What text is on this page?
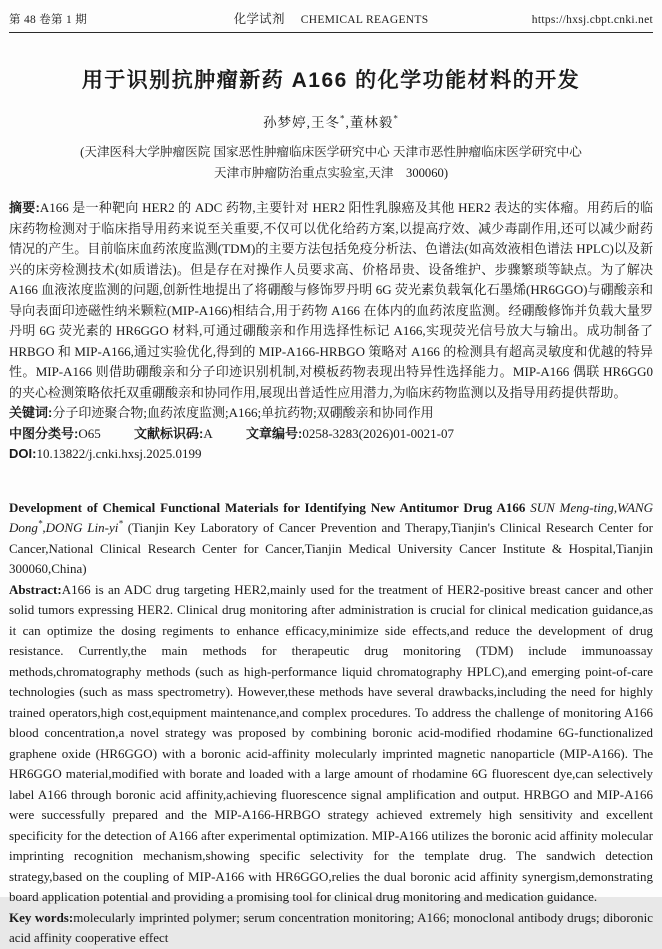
第 48 卷第 1 期	化学试剂 CHEMICAL REAGENTS	https://hxsj.cbpt.cnki.net
用于识别抗肿瘤新药 A166 的化学功能材料的开发
孙梦婷,王冬*,董林毅*
(天津医科大学肿瘤医院 国家恶性肿瘤临床医学研究中心 天津市恶性肿瘤临床医学研究中心
天津市肿瘤防治重点实验室,天津　300060)

摘要:A166 是一种靶向 HER2 的 ADC 药物,主要针对 HER2 阳性乳腺癌及其他 HER2 表达的实体瘤。用药后的临床药物检测对于临床指导用药来说至关重要,不仅可以优化给药方案,以提高疗效、减少毒副作用,还可以减少耐药情况的产生。目前临床血药浓度监测(TDM)的主要方法包括免疫分析法、色谱法(如高效液相色谱法 HPLC)以及新兴的床旁检测技术(如质谱法)。但是存在对操作人员要求高、价格昂贵、设备维护、步骤繁琐等缺点。为了解决 A166 血液浓度监测的问题,创新性地提出了将硼酸与修饰罗丹明 6G 荧光素负载氧化石墨烯(HR6GGO)与硼酸亲和导向表面印迹磁性纳米颗粒(MIP-A166)相结合,用于药物 A166 在体内的血药浓度监测。经硼酸修饰并负载大量罗丹明 6G 荧光素的 HR6GGO 材料,可通过硼酸亲和作用选择性标记 A166,实现荧光信号放大与输出。成功制备了 HRBGO 和 MIP-A166,通过实验优化,得到的 MIP-A166-HRBGO 策略对 A166 的检测具有超高灵敏度和优越的特异性。MIP-A166 则借助硼酸亲和分子印迹识别机制,对模板药物表现出特异性选择能力。MIP-A166 偶联 HR6GG0 的夹心检测策略依托双重硼酸亲和协同作用,展现出普适性应用潜力,为临床药物监测以及指导用药提供帮助。

关键词:分子印迹聚合物;血药浓度监测;A166;单抗药物;双硼酸亲和协同作用

中图分类号:O65	文献标识码:A	文章编号:0258-3283(2026)01-0021-07

DOI:10.13822/j.cnki.hxsj.2025.0199

Development of Chemical Functional Materials for Identifying New Antitumor Drug A166 SUN Meng-ting,WANG Dong*,DONG Lin-yi* (Tianjin Key Laboratory of Cancer Prevention and Therapy,Tianjin's Clinical Research Center for Cancer,National Clinical Research Center for Cancer,Tianjin Medical University Cancer Institute & Hospital,Tianjin 300060,China)

Abstract:A166 is an ADC drug targeting HER2,mainly used for the treatment of HER2-positive breast cancer and other solid tumors expressing HER2. Clinical drug monitoring after administration is crucial for clinical medication guidance,as it can optimize the dosing regiments to enhance efficacy,minimize side effects,and reduce the development of drug resistance. Currently,the main methods for therapeutic drug monitoring (TDM) include immunoassay methods,chromatography methods (such as high-performance liquid chromatography HPLC),and emerging point-of-care technologies (such as mass spectrometry). However,these methods have several drawbacks,including the need for highly trained operators,high cost,equipment maintenance,and complex procedures. To address the challenge of monitoring A166 blood concentration,a novel strategy was proposed by combining boronic acid-modified rhodamine 6G-functionalized graphene oxide (HR6GGO) with a boronic acid-affinity molecularly imprinted magnetic nanoparticle (MIP-A166). The HR6GGO material,modified with borate and loaded with a large amount of rhodamine 6G fluorescent dye,can selectively label A166 through boronic acid affinity,achieving fluorescence signal amplification and output. HRBGO and MIP-A166 were successfully prepared and the MIP-A166-HRBGO strategy achieved extremely high sensitivity and excellent specificity for the detection of A166 after experimental optimization. MIP-A166 utilizes the boronic acid affinity molecular imprinting recognition mechanism,showing specific selectivity for the template drug. The sandwich detection strategy,based on the coupling of MIP-A166 with HR6GGO,relies the dual boronic acid affinity synergism,demonstrating board application potential and providing a promising tool for clinical drug monitoring and medication guidance.

Key words:molecularly imprinted polymer; serum concentration monitoring; A166; monoclonal antibody drugs; diboronic acid affinity cooperative effect
